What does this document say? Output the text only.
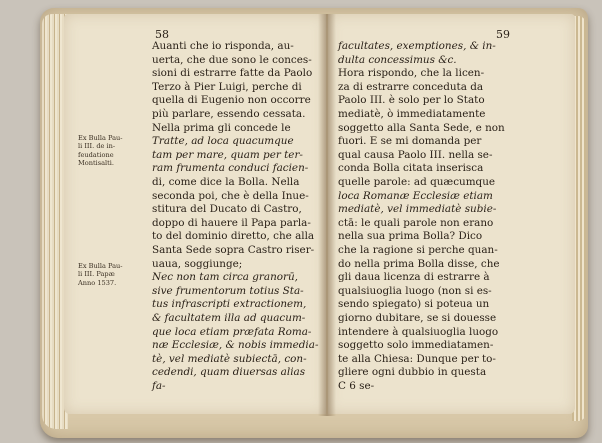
58
Auanti che io risponda, au-
uerta, che due sono le conces-
sioni di estrarre fatte da Paolo
Terzo à Pier Luigi, perche di
quella di Eugenio non occorre
più parlare, essendo cessata.
Nella prima gli concede le
Tratte, ad loca quacumque
tam per mare, quam per ter-
ram frumenta conduci facien-
di, come dice la Bolla. Nella
seconda poi, che è della Inue-
stitura del Ducato di Castro,
doppo di hauere il Papa parla-
to del dominio diretto, che alla
Santa Sede sopra Castro riser-
uaua, soggiunge;
Nec non tam circa granorū,
sive frumentorum totius Sta-
tus infrascripti extractionem,
& facultatem illa ad quacum-
que loca etiam præfata Roma-
næ Ecclesiæ, & nobis immedia-
tè, vel mediatè subiectā, con-
cedendi, quam diuersas alias
fa-
Ex Bulla Pau-
li III. de in-
feudatione
Montisalti.
Ex Bulla Pau-
li III. Papæ
Anno 1537.
59
facultates, exemptiones, & in-
dulta concessimus &c.
Hora rispondo, che la licen-
za di estrarre conceduta da
Paolo III. è solo per lo Stato
mediatè, ò immediatamente
soggetto alla Santa Sede, e non
fuori. E se mi domanda per
qual causa Paolo III. nella se-
conda Bolla citata inserisca
quelle parole: ad quæcumque
loca Romanæ Ecclesiæ etiam
mediatè, vel immediatè subie-
ctā: le quali parole non erano
nella sua prima Bolla? Dico
che la ragione si perche quan-
do nella prima Bolla disse, che
gli daua licenza di estrarre à
qualsiuoglia luogo (non si es-
sendo spiegato) si poteua un
giorno dubitare, se si douesse
intendere à qualsiuoglia luogo
soggetto solo immediatamen-
te alla Chiesa: Dunque per to-
gliere ogni dubbio in questa
C 6 se-
